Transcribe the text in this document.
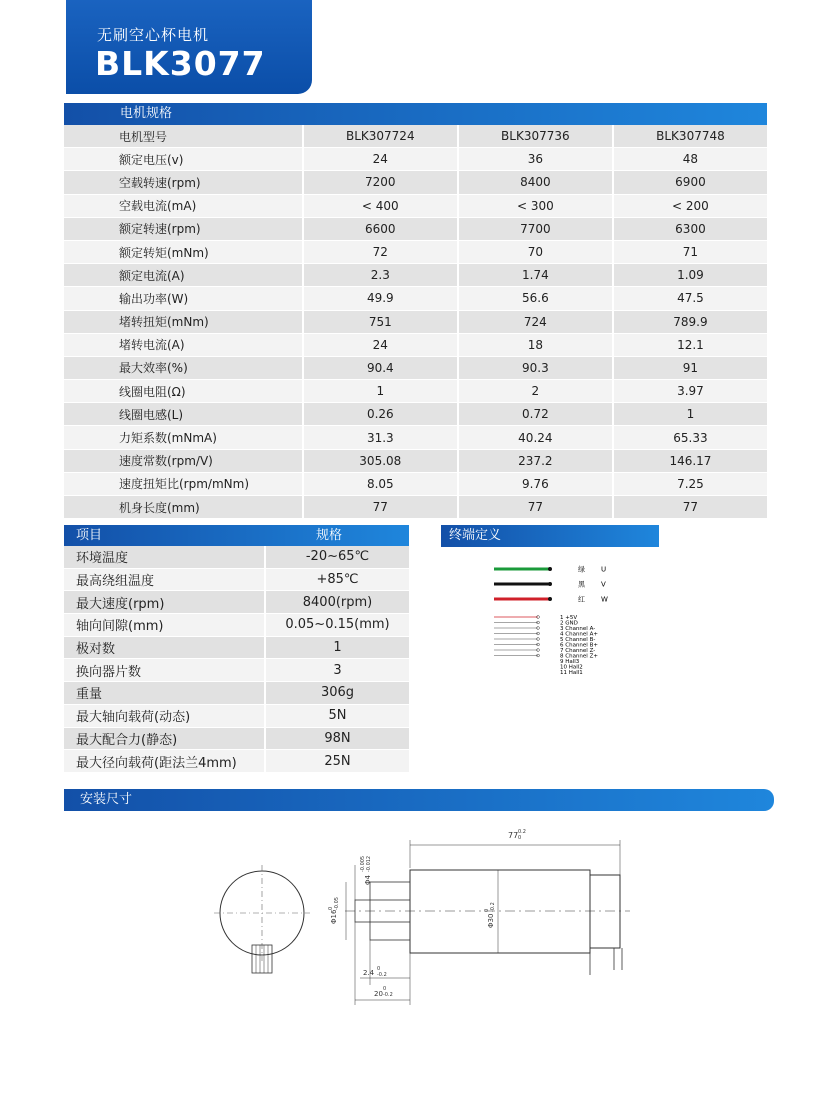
无刷空心杯电机
BLK3077
电机规格
电机型号	BLK307724	BLK307736	BLK307748
额定电压(v)	24	36	48
空载转速(rpm)	7200	8400	6900
空载电流(mA)	< 400	< 300	< 200
额定转速(rpm)	6600	7700	6300
额定转矩(mNm)	72	70	71
额定电流(A)	2.3	1.74	1.09
输出功率(W)	49.9	56.6	47.5
堵转扭矩(mNm)	751	724	789.9
堵转电流(A)	24	18	12.1
最大效率(%)	90.4	90.3	91
线圈电阻(Ω)	1	2	3.97
线圈电感(L)	0.26	0.72	1
力矩系数(mNmA)	31.3	40.24	65.33
速度常数(rpm/V)	305.08	237.2	146.17
速度扭矩比(rpm/mNm)	8.05	9.76	7.25
机身长度(mm)	77	77	77
项目	规格
环境温度	-20~65℃
最高绕组温度	+85℃
最大速度(rpm)	8400(rpm)
轴向间隙(mm)	0.05~0.15(mm)
极对数	1
换向器片数	3
重量	306g
最大轴向载荷(动态)	5N
最大配合力(静态)	98N
最大径向载荷(距法兰4mm)	25N
终端定义
绿 U
黑 V
红 W
1 +5V
2 GND
3 Channel A-
4 Channel A+
5 Channel B-
6 Channel B+
7 Channel Z-
8 Channel Z+
9 Hall3
10 Hall2
11 Hall1
安装尺寸
77 0.2
0
Φ30
0 -0.2
Φ4
-0.005 -0.012
Φ16
0 -0.05
2.4 0
-0.2
20
0
-0.2
